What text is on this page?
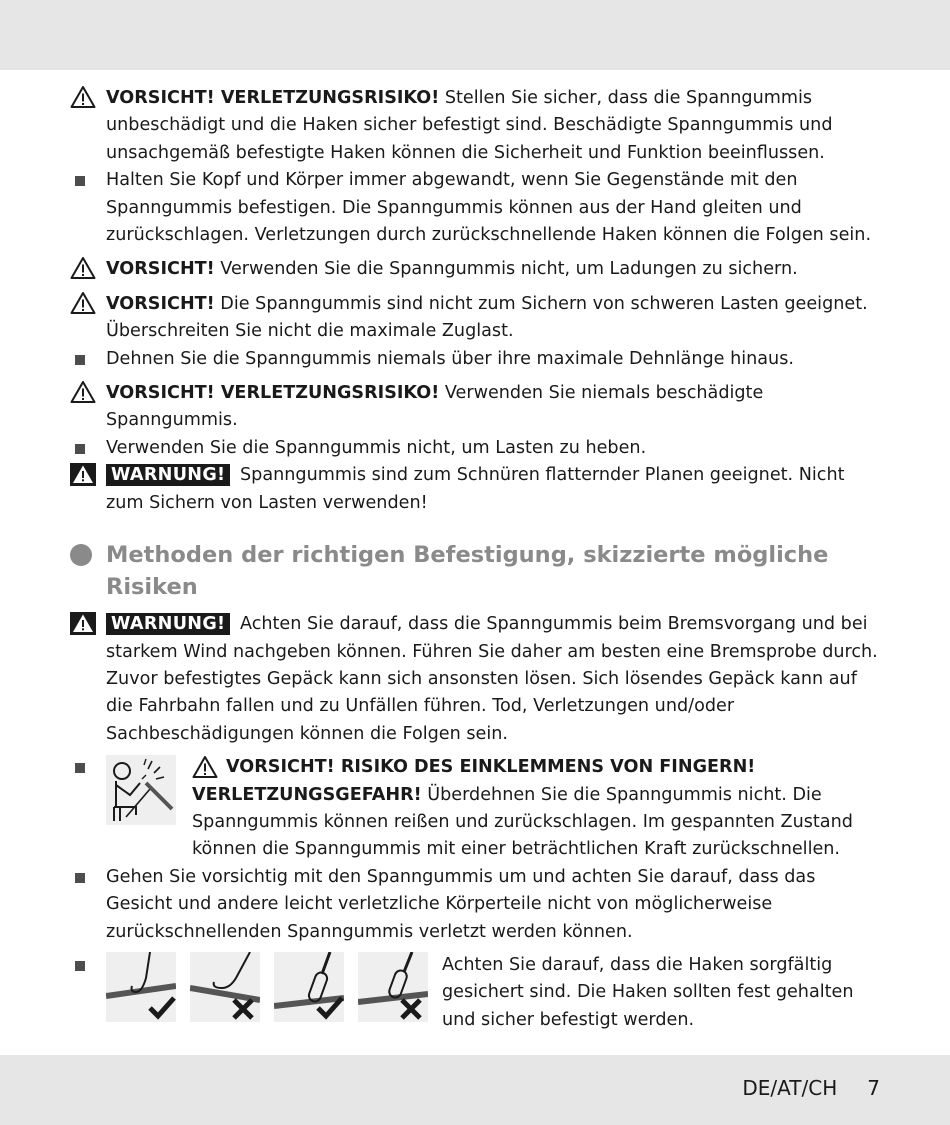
VORSICHT! VERLETZUNGSRISIKO! Stellen Sie sicher, dass die Spanngummis unbeschädigt und die Haken sicher befestigt sind. Beschädigte Spanngummis und unsachgemäß befestigte Haken können die Sicherheit und Funktion beeinflussen.

Halten Sie Kopf und Körper immer abgewandt, wenn Sie Gegenstände mit den Spanngummis befestigen. Die Spanngummis können aus der Hand gleiten und zurückschlagen. Verletzungen durch zurückschnellende Haken können die Folgen sein.

VORSICHT! Verwenden Sie die Spanngummis nicht, um Ladungen zu sichern.

VORSICHT! Die Spanngummis sind nicht zum Sichern von schweren Lasten geeignet. Überschreiten Sie nicht die maximale Zuglast.

Dehnen Sie die Spanngummis niemals über ihre maximale Dehnlänge hinaus.

VORSICHT! VERLETZUNGSRISIKO! Verwenden Sie niemals beschädigte Spanngummis.

Verwenden Sie die Spanngummis nicht, um Lasten zu heben.

WARNUNG! Spanngummis sind zum Schnüren flatternder Planen geeignet. Nicht zum Sichern von Lasten verwenden!

Methoden der richtigen Befestigung, skizzierte mögliche Risiken

WARNUNG! Achten Sie darauf, dass die Spanngummis beim Bremsvorgang und bei starkem Wind nachgeben können. Führen Sie daher am besten eine Bremsprobe durch. Zuvor befestigtes Gepäck kann sich ansonsten lösen. Sich lösendes Gepäck kann auf die Fahrbahn fallen und zu Unfällen führen. Tod, Verletzungen und/oder Sachbeschädigungen können die Folgen sein.

VORSICHT! RISIKO DES EINKLEMMENS VON FINGERN!
VERLETZUNGSGEFAHR! Überdehnen Sie die Spanngummis nicht. Die Spanngummis können reißen und zurückschlagen. Im gespannten Zustand können die Spanngummis mit einer beträchtlichen Kraft zurückschnellen.

Gehen Sie vorsichtig mit den Spanngummis um und achten Sie darauf, dass das Gesicht und andere leicht verletzliche Körperteile nicht von möglicherweise zurückschnellenden Spanngummis verletzt werden können.

Achten Sie darauf, dass die Haken sorgfältig gesichert sind. Die Haken sollten fest gehalten und sicher befestigt werden.
DE/AT/CH 7
